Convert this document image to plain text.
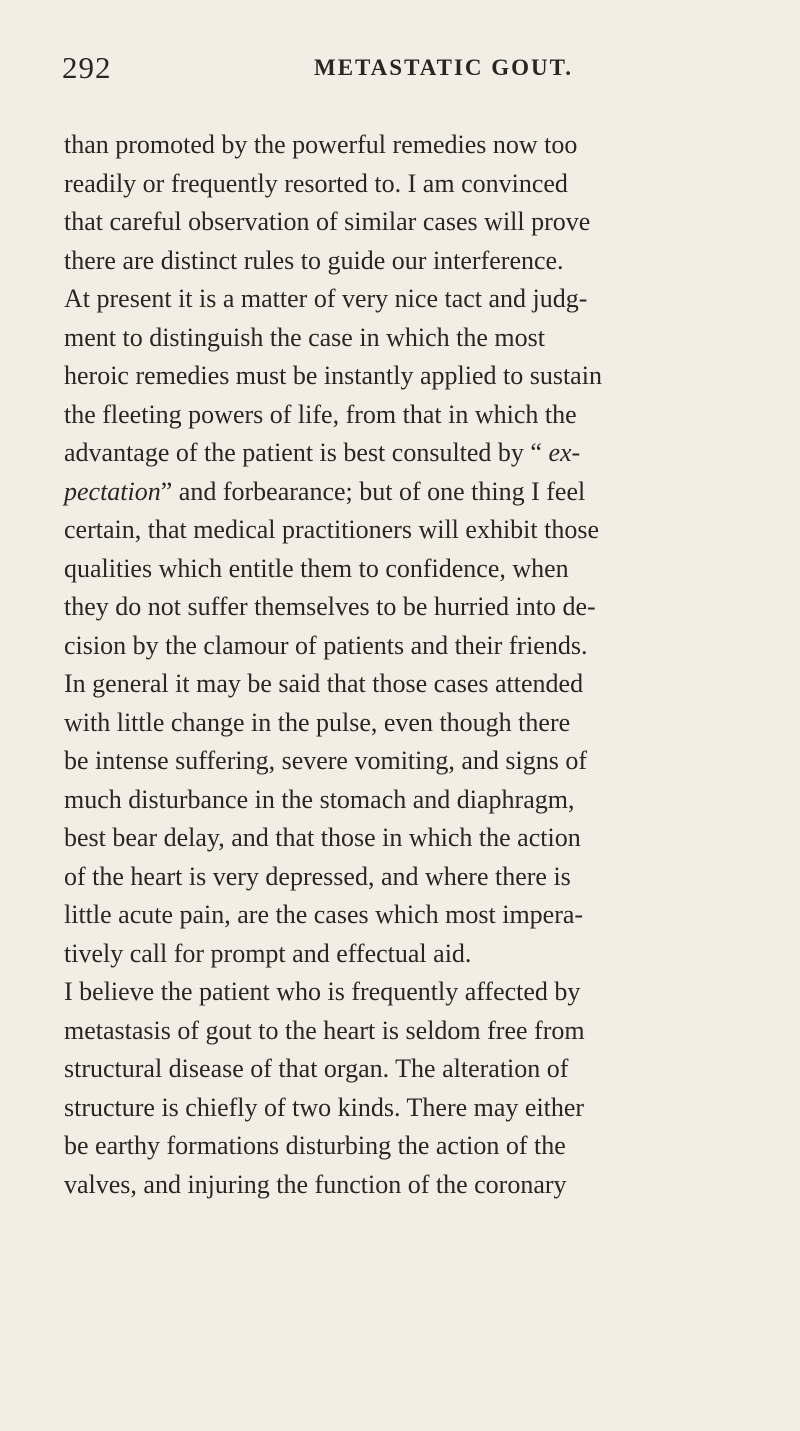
292	METASTATIC GOUT.
than promoted by the powerful remedies now too
readily or frequently resorted to. I am convinced
that careful observation of similar cases will prove
there are distinct rules to guide our interference.
At present it is a matter of very nice tact and judg-
ment to distinguish the case in which the most
heroic remedies must be instantly applied to sustain
the fleeting powers of life, from that in which the
advantage of the patient is best consulted by “ ex-
pectation” and forbearance; but of one thing I feel
certain, that medical practitioners will exhibit those
qualities which entitle them to confidence, when
they do not suffer themselves to be hurried into de-
cision by the clamour of patients and their friends.
In general it may be said that those cases attended
with little change in the pulse, even though there
be intense suffering, severe vomiting, and signs of
much disturbance in the stomach and diaphragm,
best bear delay, and that those in which the action
of the heart is very depressed, and where there is
little acute pain, are the cases which most impera-
tively call for prompt and effectual aid.
I believe the patient who is frequently affected by
metastasis of gout to the heart is seldom free from
structural disease of that organ. The alteration of
structure is chiefly of two kinds. There may either
be earthy formations disturbing the action of the
valves, and injuring the function of the coronary
